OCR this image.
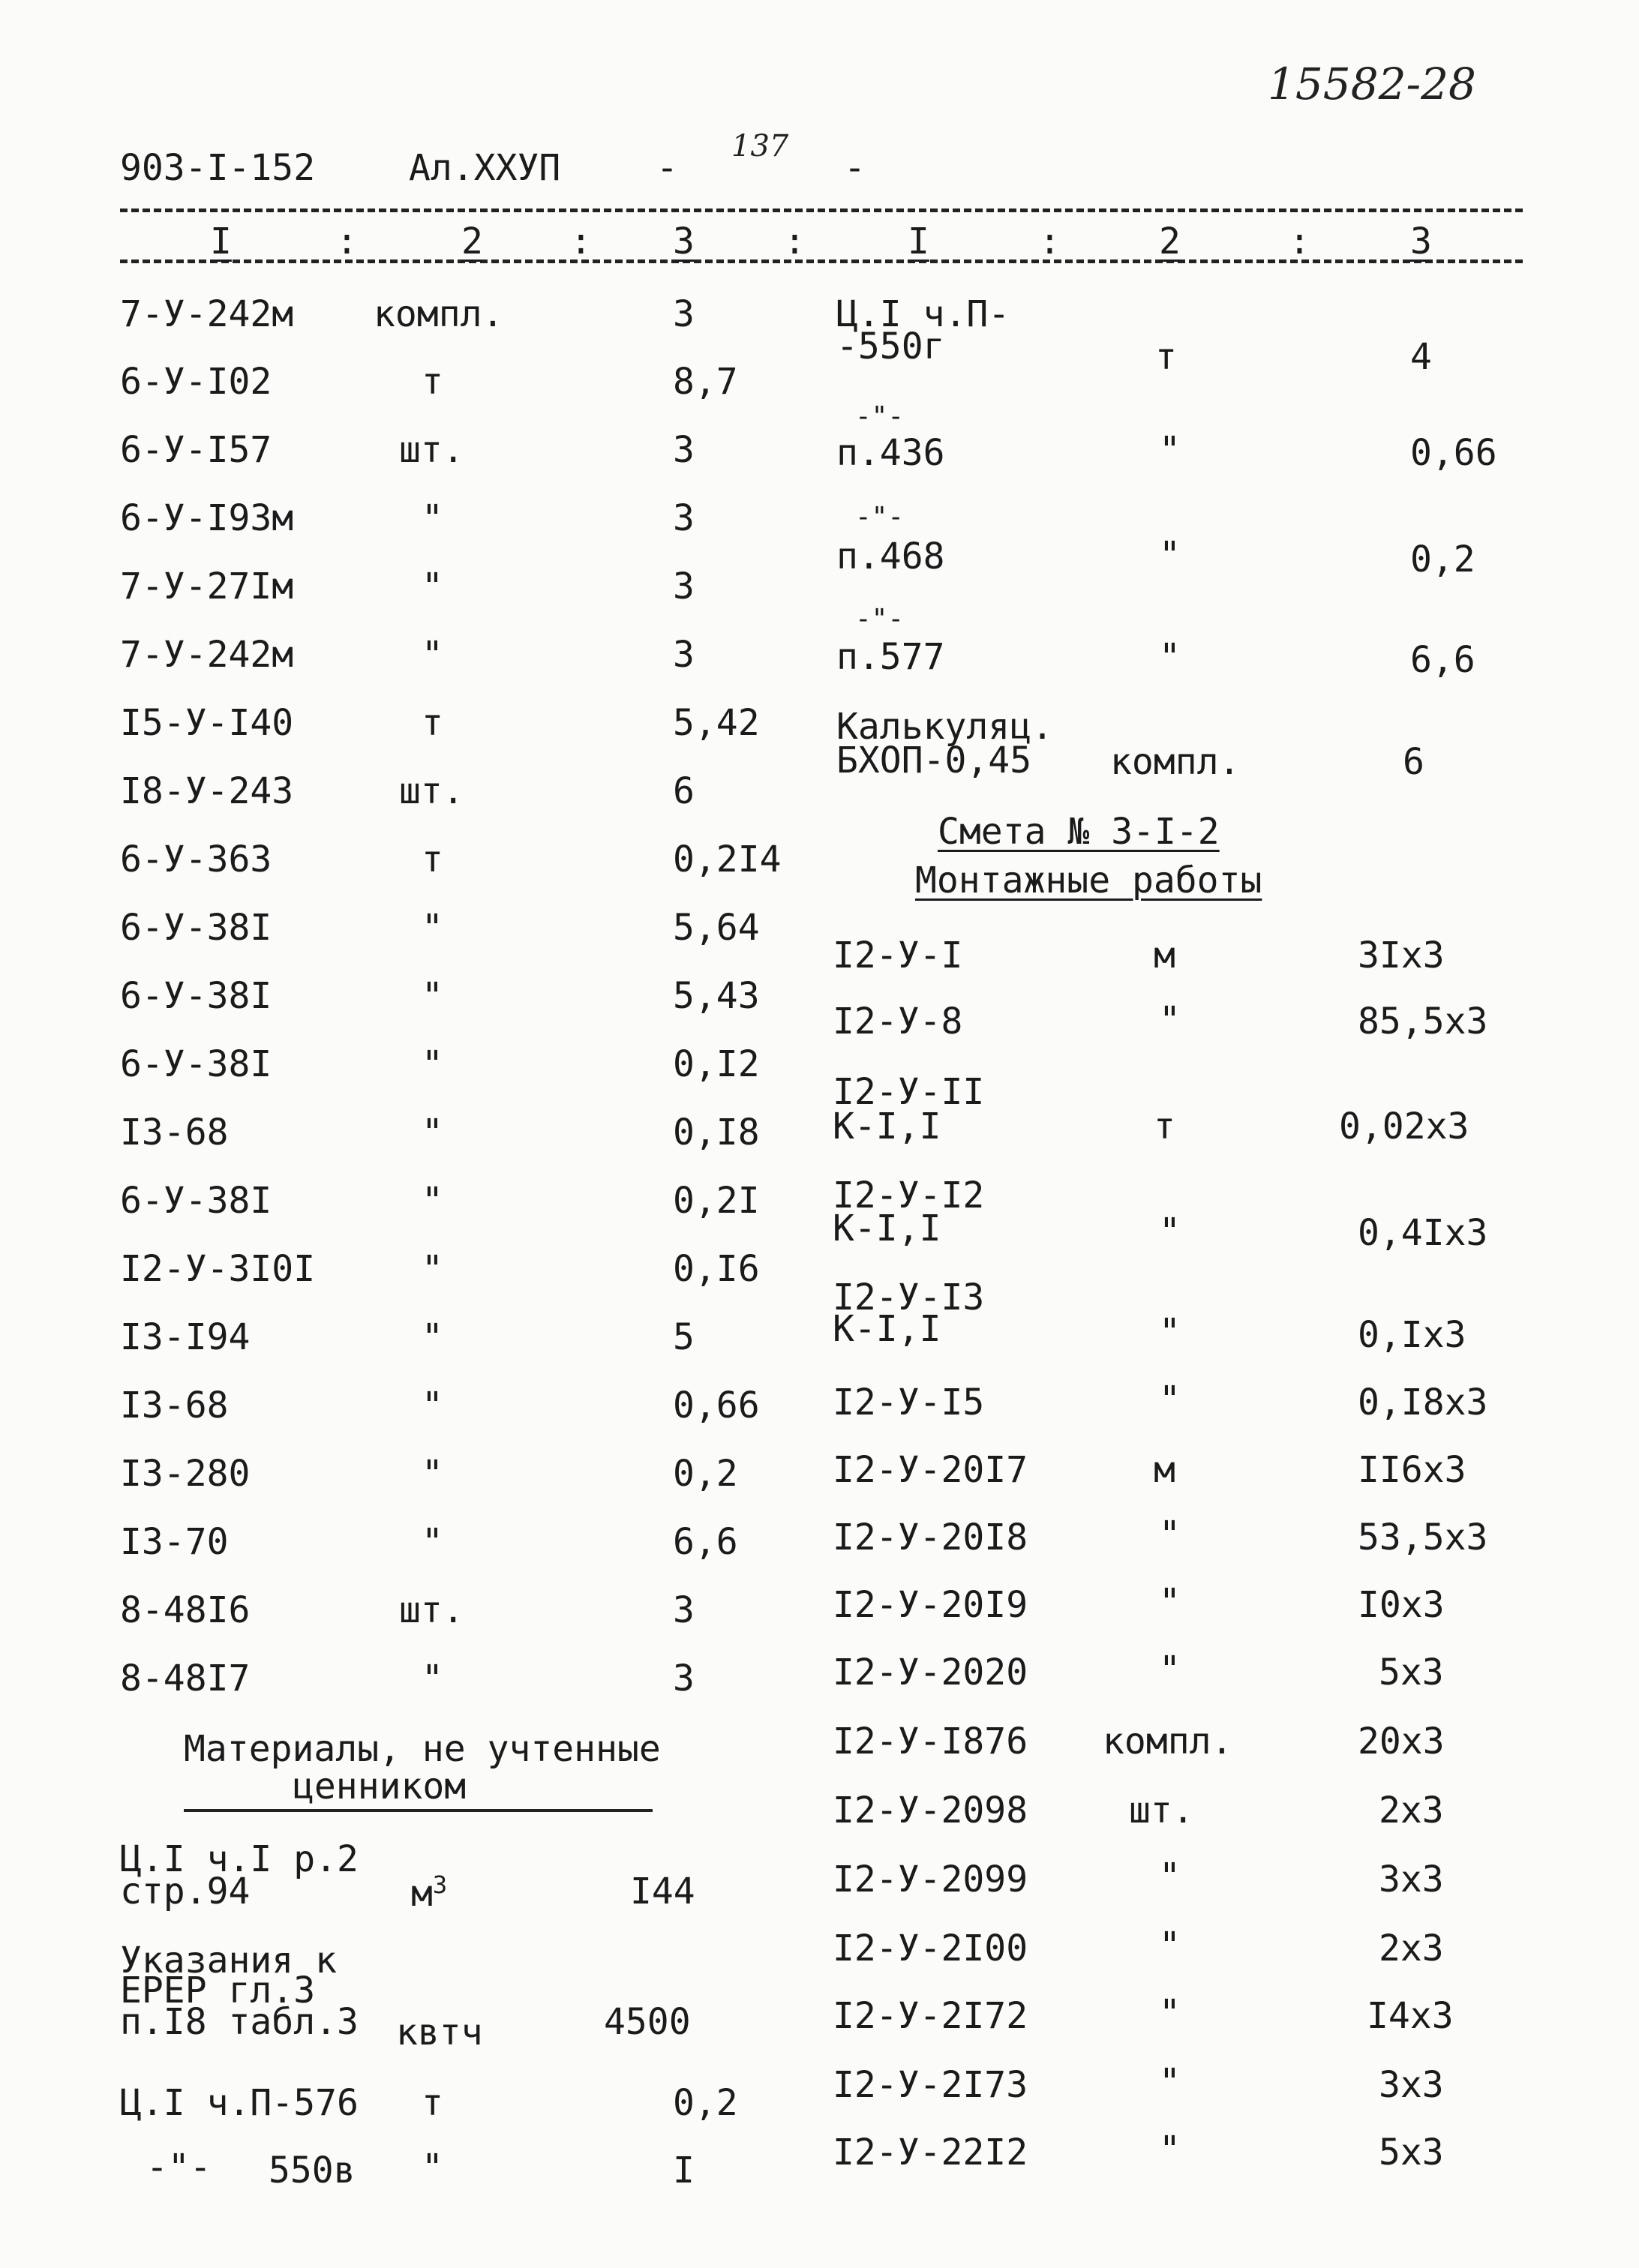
15582-28
903-I-152	Ал.ХХУП	-
137
-
I	:	2 : 3 :	I	:	2	:	3
7-У-242м компл.	3
6-У-I02	т	8,7
6-У-I57	шт.	3
6-У-I93м	"	3
7-У-27Iм	"	3
7-У-242м	"	3
I5-У-I40	т	5,42
I8-У-243	шт.	6
6-У-363	т	0,2I4
6-У-38I	"	5,64
6-У-38I	"	5,43
6-У-38I	"	0,I2
I3-68	"	0,I8
6-У-38I	"	0,2I
I2-У-3I0I	"	0,I6
I3-I94	"	5
I3-68	"	0,66
I3-280	"	0,2
I3-70	"	6,6
8-48I6	шт.	3
8-48I7	"	3
Материалы, не учтенные
ценником
Ц.I ч.I р.2
стр.94	$м^3$	I44
Указания к
ЕРЕР гл.3
п.I8 табл.3 квтч	4500
Ц.I ч.П-576 т	0,2
-"- 550в "	I
Ц.I ч.П-
-550г	т	4
-"-
п.436	"	0,66
-"-
п.468	"	0,2
-"-
п.577	"	6,6
Калькуляц.
БХОП-0,45 компл.	6
Смета № 3-I-2
Монтажные работы
I2-У-I	м	3Iх3
I2-У-8	"	85,5х3
I2-У-II
К-I,I	т	0,02х3
I2-У-I2
К-I,I	"	0,4Iх3
I2-У-I3
К-I,I	"	0,Iх3
I2-У-I5	"	0,I8х3
I2-У-20I7	м	II6х3
I2-У-20I8	"	53,5х3
I2-У-20I9	"	I0х3
I2-У-2020	"	5х3
I2-У-I876 компл.	20х3
I2-У-2098	шт.	2х3
I2-У-2099	"	3х3
I2-У-2I00	"	2х3
I2-У-2I72	"	I4х3
I2-У-2I73	"	3х3
I2-У-22I2	"	5х3
